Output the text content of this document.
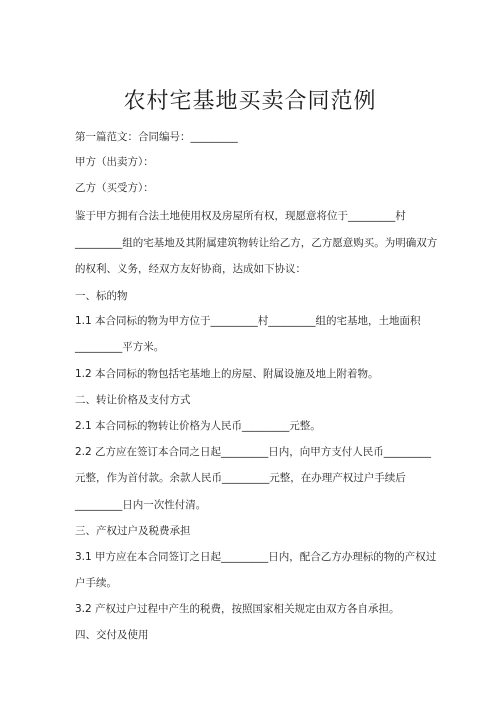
农村宅基地买卖合同范例
第一篇范文：合同编号：_________
甲方（出卖方）：
乙方（买受方）：
鉴于甲方拥有合法土地使用权及房屋所有权，现愿意将位于_________村
_________组的宅基地及其附属建筑物转让给乙方，乙方愿意购买。为明确双方
的权利、义务，经双方友好协商，达成如下协议：
一、标的物
1.1 本合同标的物为甲方位于_________村_________组的宅基地，土地面积
_________平方米。
1.2 本合同标的物包括宅基地上的房屋、附属设施及地上附着物。
二、转让价格及支付方式
2.1 本合同标的物转让价格为人民币_________元整。
2.2 乙方应在签订本合同之日起_________日内，向甲方支付人民币_________
元整，作为首付款。余款人民币_________元整，在办理产权过户手续后
_________日内一次性付清。
三、产权过户及税费承担
3.1 甲方应在本合同签订之日起_________日内，配合乙方办理标的物的产权过
户手续。
3.2 产权过户过程中产生的税费，按照国家相关规定由双方各自承担。
四、交付及使用
